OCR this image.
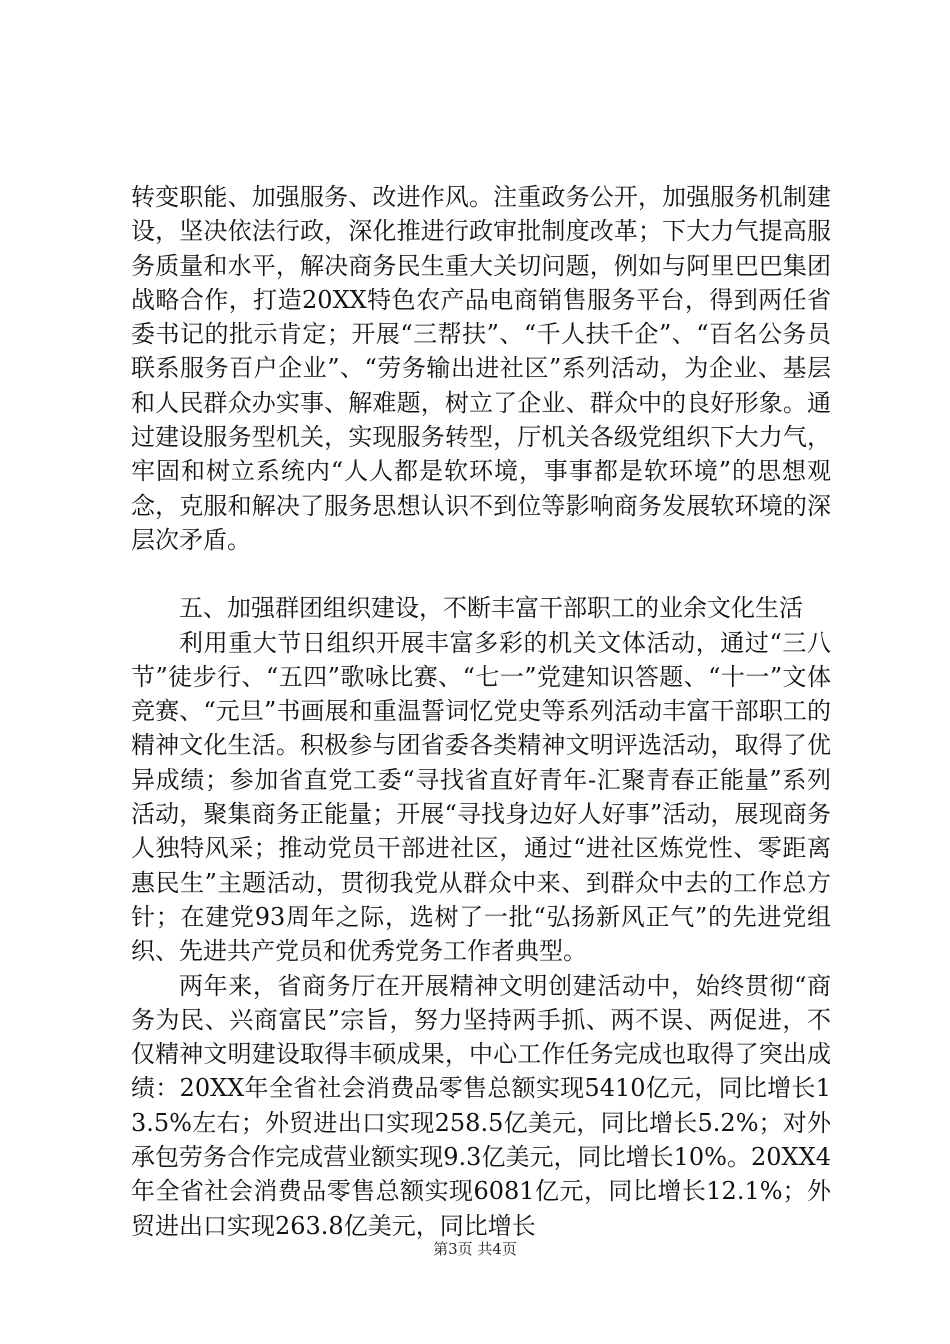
转变职能、加强服务、改进作风。注重政务公开，加强服务机制建设，坚决依法行政，深化推进行政审批制度改革；下大力气提高服务质量和水平，解决商务民生重大关切问题，例如与阿里巴巴集团战略合作，打造20XX特色农产品电商销售服务平台，得到两任省委书记的批示肯定；开展“三帮扶”、“千人扶千企”、“百名公务员联系服务百户企业”、“劳务输出进社区”系列活动，为企业、基层和人民群众办实事、解难题，树立了企业、群众中的良好形象。通过建设服务型机关，实现服务转型，厅机关各级党组织下大力气，牢固和树立系统内“人人都是软环境，事事都是软环境”的思想观念，克服和解决了服务思想认识不到位等影响商务发展软环境的深层次矛盾。

五、加强群团组织建设，不断丰富干部职工的业余文化生活

利用重大节日组织开展丰富多彩的机关文体活动，通过“三八节”徒步行、“五四”歌咏比赛、“七一”党建知识答题、“十一”文体竞赛、“元旦”书画展和重温誓词忆党史等系列活动丰富干部职工的精神文化生活。积极参与团省委各类精神文明评选活动，取得了优异成绩；参加省直党工委“寻找省直好青年-汇聚青春正能量”系列活动，聚集商务正能量；开展“寻找身边好人好事”活动，展现商务人独特风采；推动党员干部进社区，通过“进社区炼党性、零距离惠民生”主题活动，贯彻我党从群众中来、到群众中去的工作总方针；在建党93周年之际，选树了一批“弘扬新风正气”的先进党组织、先进共产党员和优秀党务工作者典型。

两年来，省商务厅在开展精神文明创建活动中，始终贯彻“商务为民、兴商富民”宗旨，努力坚持两手抓、两不误、两促进，不仅精神文明建设取得丰硕成果，中心工作任务完成也取得了突出成绩：20XX年全省社会消费品零售总额实现5410亿元，同比增长13.5%左右；外贸进出口实现258.5亿美元，同比增长5.2%；对外承包劳务合作完成营业额实现9.3亿美元，同比增长10%。20XX4年全省社会消费品零售总额实现6081亿元，同比增长12.1%；外贸进出口实现263.8亿美元，同比增长

第3页 共4页
